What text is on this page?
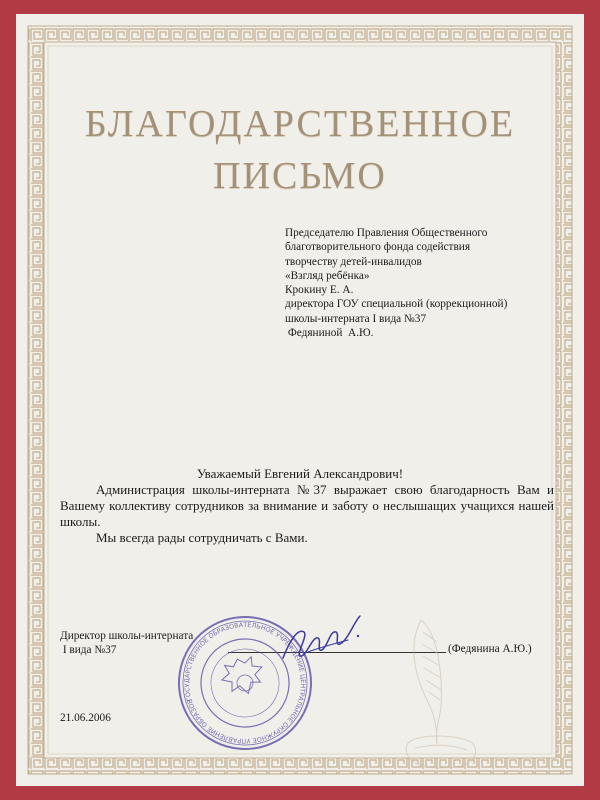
БЛАГОДАРСТВЕННОЕ
ПИСЬМО
Председателю Правления Общественного
благотворительного фонда содействия
творчеству детей-инвалидов
«Взгляд ребёнка»
Крокину Е. А.
директора ГОУ специальной (коррекционной)
школы-интерната I вида №37
Федяниной  А.Ю.
Уважаемый Евгений Александрович!

Администрация школы-интерната №37 выражает свою благодарность Вам и Вашему коллективу сотрудников за внимание и заботу о неслышащих учащихся нашей школы.

Мы всегда рады сотрудничать с Вами.

Директор школы-интерната
I вида №37	(Федянина А.Ю.)
21.06.2006
ГОСУДАРСТВЕННОЕ ОБРАЗОВАТЕЛЬНОЕ УЧРЕЖДЕНИЕ ЦЕНТРАЛЬНОЕ ОКРУЖНОЕ УПРАВЛЕНИЕ ОБРАЗОВАНИЯ
